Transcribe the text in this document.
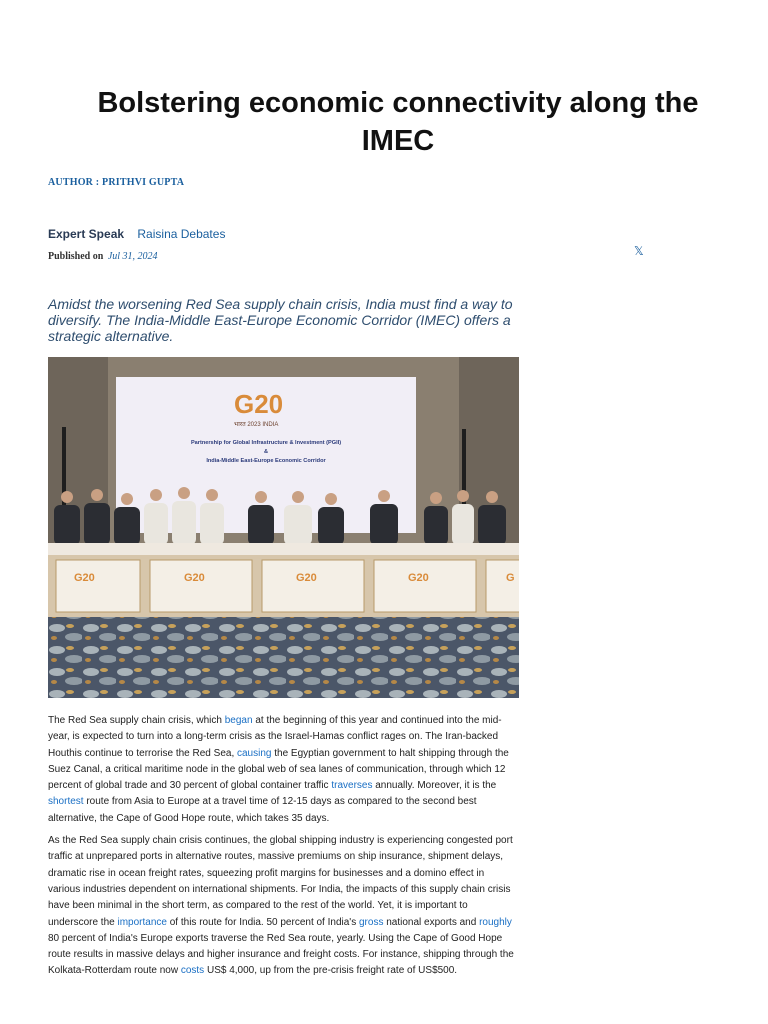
Bolstering economic connectivity along the IMEC
AUTHOR : PRITHVI GUPTA
Expert Speak Raisina Debates
Published on Jul 31, 2024	𝕏
Amidst the worsening Red Sea supply chain crisis, India must find a way to diversify. The India-Middle East-Europe Economic Corridor (IMEC) offers a strategic alternative.
G20
भारत 2023 INDIA
Partnership for Global Infrastructure & Investment (PGII)
&
India-Middle East-Europe Economic Corridor
G20	G20	G20	G20	G

The Red Sea supply chain crisis, which began at the beginning of this year and continued into the mid-year, is expected to turn into a long-term crisis as the Israel-Hamas conflict rages on. The Iran-backed Houthis continue to terrorise the Red Sea, causing the Egyptian government to halt shipping through the Suez Canal, a critical maritime node in the global web of sea lanes of communication, through which 12 percent of global trade and 30 percent of global container traffic traverses annually. Moreover, it is the shortest route from Asia to Europe at a travel time of 12-15 days as compared to the second best alternative, the Cape of Good Hope route, which takes 35 days.

As the Red Sea supply chain crisis continues, the global shipping industry is experiencing congested port traffic at unprepared ports in alternative routes, massive premiums on ship insurance, shipment delays, dramatic rise in ocean freight rates, squeezing profit margins for businesses and a domino effect in various industries dependent on international shipments. For India, the impacts of this supply chain crisis have been minimal in the short term, as compared to the rest of the world. Yet, it is important to underscore the importance of this route for India. 50 percent of India's gross national exports and roughly 80 percent of India's Europe exports traverse the Red Sea route, yearly. Using the Cape of Good Hope route results in massive delays and higher insurance and freight costs. For instance, shipping through the Kolkata-Rotterdam route now costs US$ 4,000, up from the pre-crisis freight rate of US$500.
